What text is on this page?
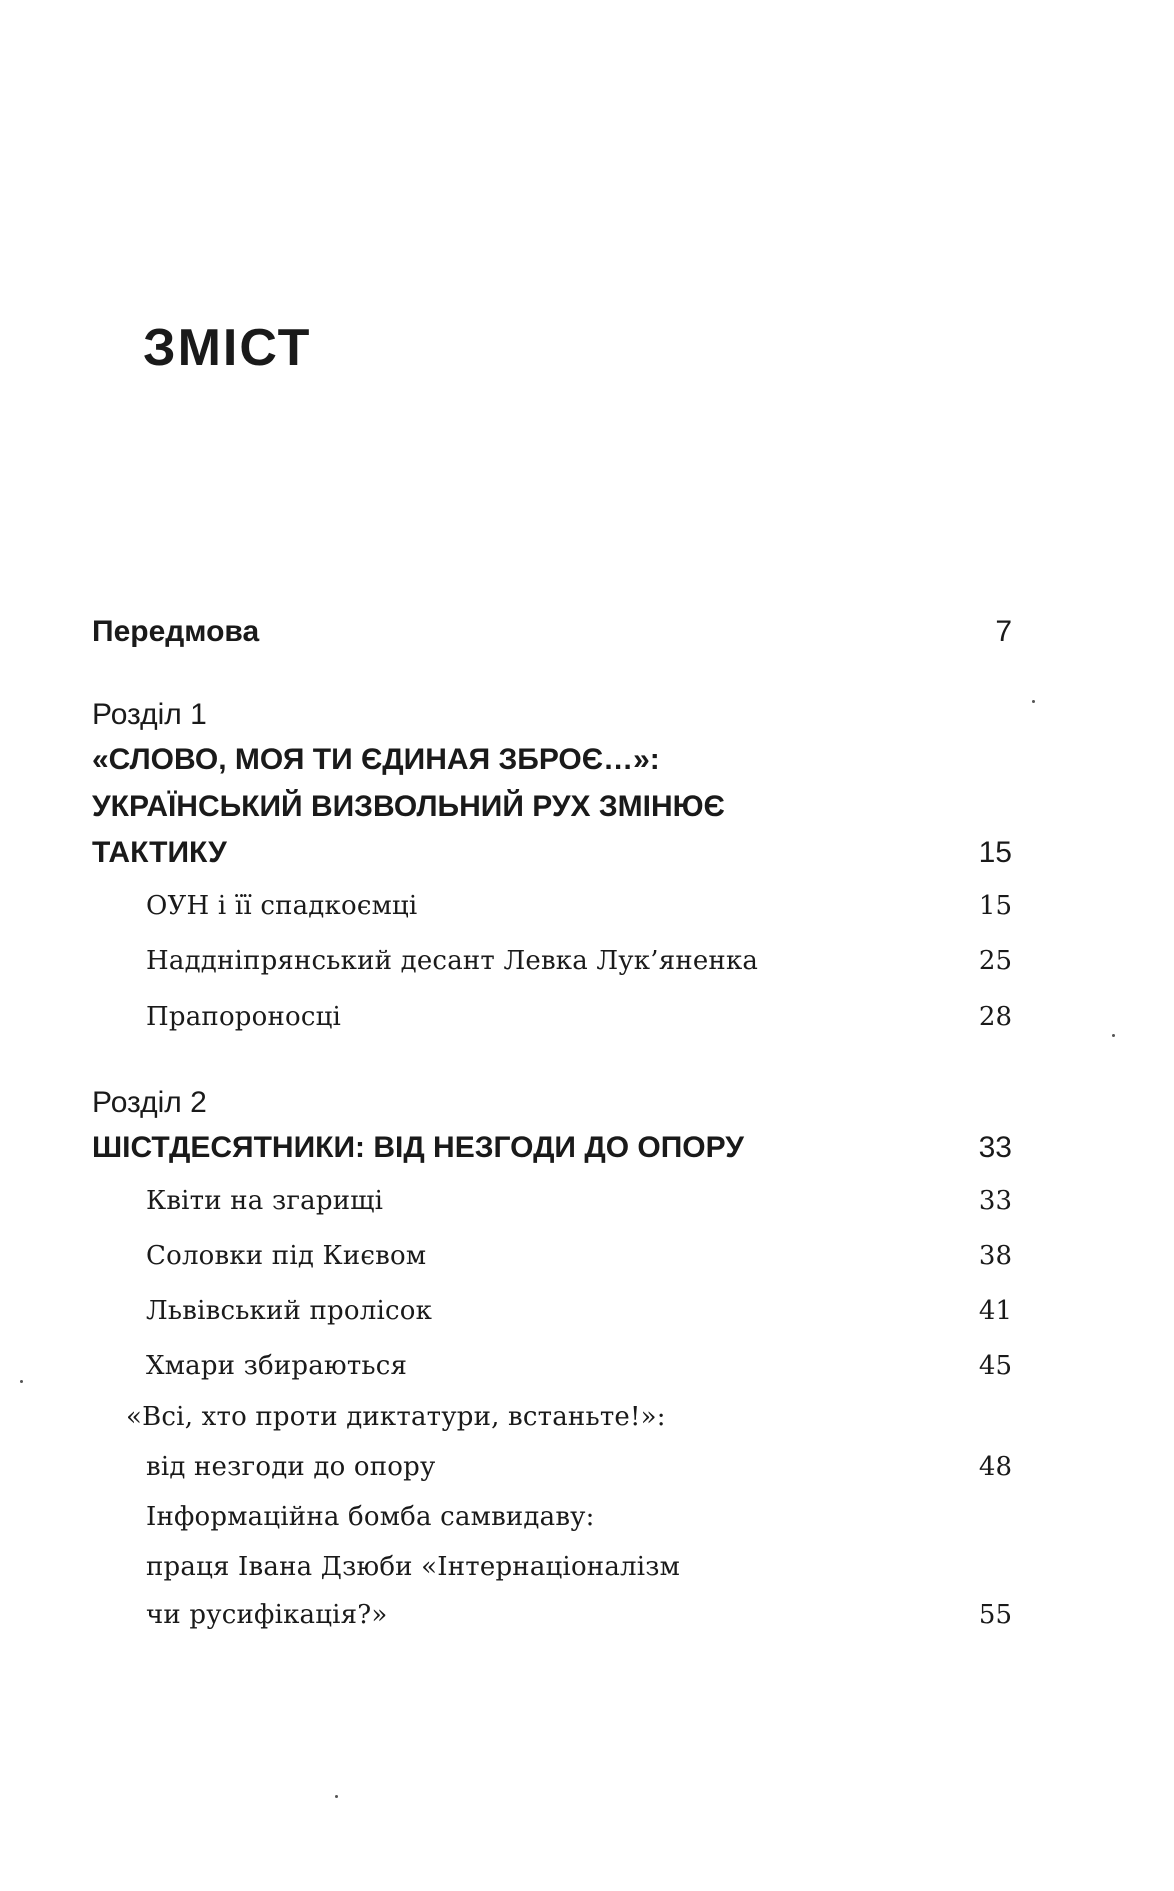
ЗМІСТ
Передмова	7
Розділ 1
«СЛОВО, МОЯ ТИ ЄДИНАЯ ЗБРОЄ…»:
УКРАЇНСЬКИЙ ВИЗВОЛЬНИЙ РУХ ЗМІНЮЄ
ТАКТИКУ	15
ОУН і її спадкоємці	15
Наддніпрянський десант Левка Лук’яненка	25
Прапороносці	28
Розділ 2
ШІСТДЕСЯТНИКИ: ВІД НЕЗГОДИ ДО ОПОРУ	33
Квіти на згарищі	33
Соловки під Києвом	38
Львівський пролісок	41
Хмари збираються	45
«Всі, хто проти диктатури, встаньте!»:
від незгоди до опору	48
Інформаційна бомба самвидаву:
праця Івана Дзюби «Інтернаціоналізм
чи русифікація?»	55
